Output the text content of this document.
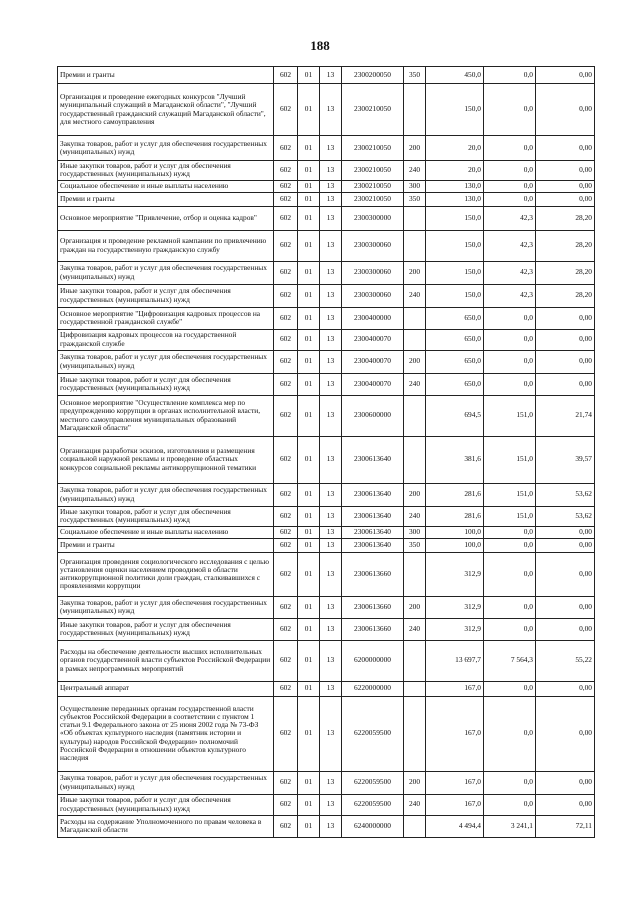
188
Премии и гранты	602	01	13	2300200050	350	450,0	0,0	0,00
Организация и проведение ежегодных конкурсов "Лучший муниципальный служащий в Магаданской области", "Лучший государственный гражданский служащий Магаданской области", для местного самоуправления	602	01	13	2300210050		150,0	0,0	0,00
Закупка товаров, работ и услуг для обеспечения государственных (муниципальных) нужд	602	01	13	2300210050	200	20,0	0,0	0,00
Иные закупки товаров, работ и услуг для обеспечения государственных (муниципальных) нужд	602	01	13	2300210050	240	20,0	0,0	0,00
Социальное обеспечение и иные выплаты населению	602	01	13	2300210050	300	130,0	0,0	0,00
Премии и гранты	602	01	13	2300210050	350	130,0	0,0	0,00
Основное мероприятие "Привлечение, отбор и оценка кадров"	602	01	13	2300300000		150,0	42,3	28,20
Организация и проведение рекламной кампании по привлечению граждан на государственную гражданскую службу	602	01	13	2300300060		150,0	42,3	28,20
Закупка товаров, работ и услуг для обеспечения государственных (муниципальных) нужд	602	01	13	2300300060	200	150,0	42,3	28,20
Иные закупки товаров, работ и услуг для обеспечения государственных (муниципальных) нужд	602	01	13	2300300060	240	150,0	42,3	28,20
Основное мероприятие "Цифровизация кадровых процессов на государственной гражданской службе"	602	01	13	2300400000		650,0	0,0	0,00
Цифровизация кадровых процессов на государственной гражданской службе	602	01	13	2300400070		650,0	0,0	0,00
Закупка товаров, работ и услуг для обеспечения государственных (муниципальных) нужд	602	01	13	2300400070	200	650,0	0,0	0,00
Иные закупки товаров, работ и услуг для обеспечения государственных (муниципальных) нужд	602	01	13	2300400070	240	650,0	0,0	0,00
Основное мероприятие "Осуществление комплекса мер по предупреждению коррупции в органах исполнительной власти, местного самоуправления муниципальных образований Магаданской области"	602	01	13	2300600000		694,5	151,0	21,74
Организация разработки эскизов, изготовления и размещения социальной наружной рекламы и проведение областных конкурсов социальной рекламы антикоррупционной тематики	602	01	13	2300613640		381,6	151,0	39,57
Закупка товаров, работ и услуг для обеспечения государственных (муниципальных) нужд	602	01	13	2300613640	200	281,6	151,0	53,62
Иные закупки товаров, работ и услуг для обеспечения государственных (муниципальных) нужд	602	01	13	2300613640	240	281,6	151,0	53,62
Социальное обеспечение и иные выплаты населению	602	01	13	2300613640	300	100,0	0,0	0,00
Премии и гранты	602	01	13	2300613640	350	100,0	0,0	0,00
Организация проведения социологического исследования с целью установления оценки населением проводимой в области антикоррупционной политики доли граждан, сталкивавшихся с проявлениями коррупции	602	01	13	2300613660		312,9	0,0	0,00
Закупка товаров, работ и услуг для обеспечения государственных (муниципальных) нужд	602	01	13	2300613660	200	312,9	0,0	0,00
Иные закупки товаров, работ и услуг для обеспечения государственных (муниципальных) нужд	602	01	13	2300613660	240	312,9	0,0	0,00
Расходы на обеспечение деятельности высших исполнительных органов государственной власти субъектов Российской Федерации в рамках непрограммных мероприятий	602	01	13	6200000000		13 697,7	7 564,3	55,22
Центральный аппарат	602	01	13	6220000000		167,0	0,0	0,00
Осуществление переданных органам государственной власти субъектов Российской Федерации в соответствии с пунктом 1 статьи 9.1 Федерального закона от 25 июня 2002 года № 73-ФЗ «Об объектах культурного наследия (памятник истории и культуры) народов Российской Федерации» полномочий Российской Федерации в отношении объектов культурного наследия	602	01	13	6220059500		167,0	0,0	0,00
Закупка товаров, работ и услуг для обеспечения государственных (муниципальных) нужд	602	01	13	6220059500	200	167,0	0,0	0,00
Иные закупки товаров, работ и услуг для обеспечения государственных (муниципальных) нужд	602	01	13	6220059500	240	167,0	0,0	0,00
Расходы на содержание Уполномоченного по правам человека в Магаданской области	602	01	13	6240000000		4 494,4	3 241,1	72,11
